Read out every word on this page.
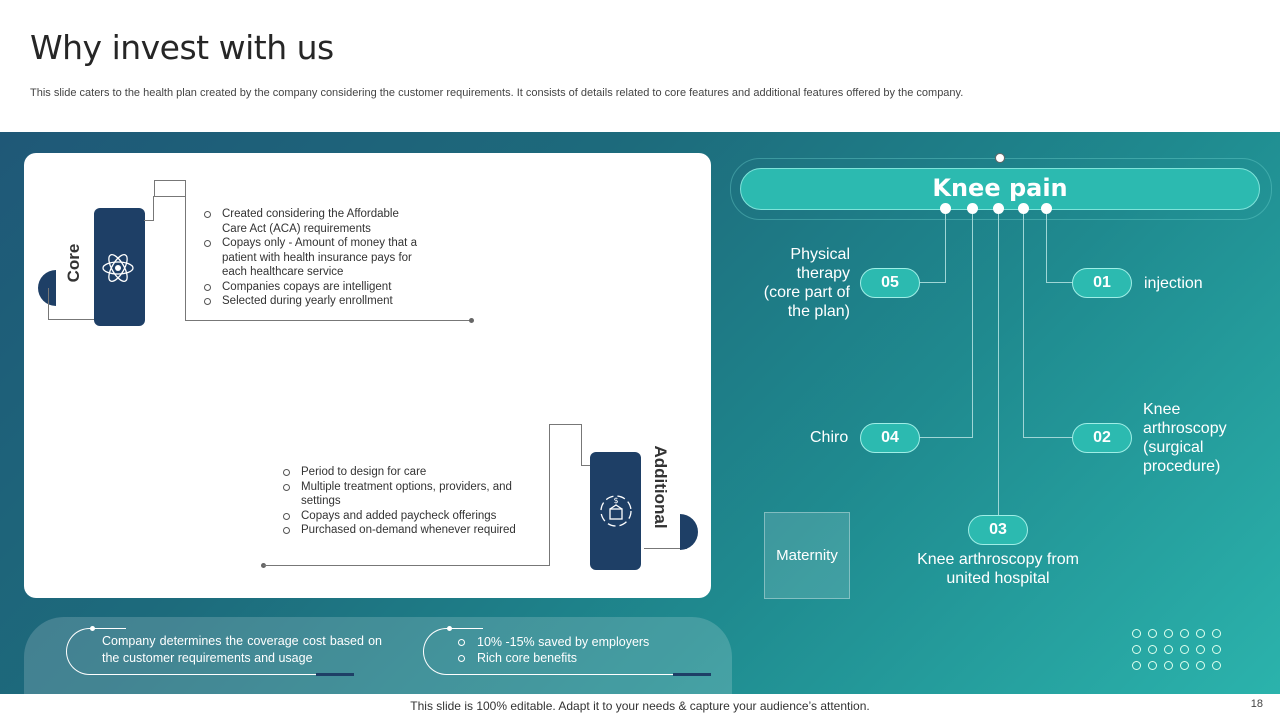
Why invest with us
This slide caters to the health plan created by the company considering the customer requirements. It consists of details related to core features and additional features offered by the company.
Core
Created considering the Affordable Care Act (ACA) requirements
Copays only - Amount of money that a patient with health insurance pays for each healthcare service
Companies copays are intelligent
Selected during yearly enrollment
Period to design for care
Multiple treatment options, providers, and settings
Copays and added paycheck offerings
Purchased on-demand whenever required
$ Additional
Knee pain
01	injection
02
Knee arthroscopy (surgical procedure)
03
Knee arthroscopy from united hospital
04
Chiro
05
Physical therapy (core part of the plan)
Maternity
Company determines the coverage cost based on the customer requirements and usage
10% -15% saved by employers
Rich core benefits
This slide is 100% editable. Adapt it to your needs & capture your audience’s attention.	18
